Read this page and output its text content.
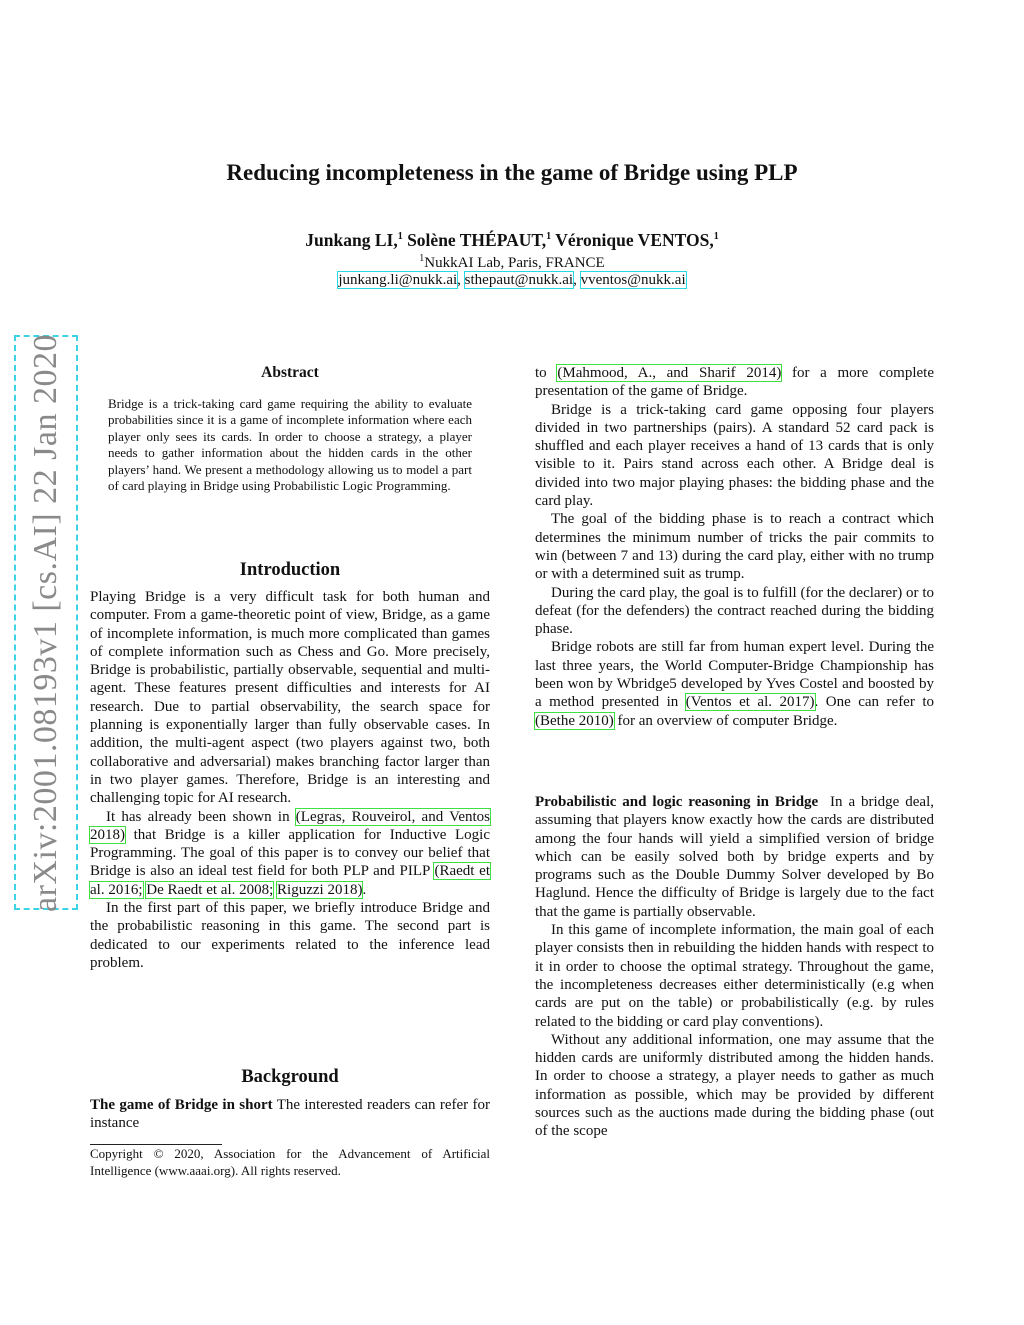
Reducing incompleteness in the game of Bridge using PLP
Junkang LI,$^1$ Solène THÉPAUT,$^1$ Véronique VENTOS,$^1$
$^1$NukkAI Lab, Paris, FRANCE
junkang.li@nukk.ai, sthepaut@nukk.ai, vventos@nukk.ai
arXiv:2001.08193v1 [cs.AI] 22 Jan 2020	Abstract
Bridge is a trick-taking card game requiring the ability to evaluate probabilities since it is a game of incomplete information where each player only sees its cards. In order to choose a strategy, a player needs to gather information about the hidden cards in the other players’ hand. We present a methodology allowing us to model a part of card playing in Bridge using Probabilistic Logic Programming.
Introduction

Playing Bridge is a very difficult task for both human and computer. From a game-theoretic point of view, Bridge, as a game of incomplete information, is much more complicated than games of complete information such as Chess and Go. More precisely, Bridge is probabilistic, partially observable, sequential and multi-agent. These features present difficulties and interests for AI research. Due to partial observability, the search space for planning is exponentially larger than fully observable cases. In addition, the multi-agent aspect (two players against two, both collaborative and adversarial) makes branching factor larger than in two player games. Therefore, Bridge is an interesting and challenging topic for AI research.

It has already been shown in (Legras, Rouveirol, and Ventos 2018) that Bridge is a killer application for Inductive Logic Programming. The goal of this paper is to convey our belief that Bridge is also an ideal test field for both PLP and PILP (Raedt et al. 2016; De Raedt et al. 2008; Riguzzi 2018).

In the first part of this paper, we briefly introduce Bridge and the probabilistic reasoning in this game. The second part is dedicated to our experiments related to the inference lead problem.

Background
The game of Bridge in short The interested readers can refer for instance
Copyright © 2020, Association for the Advancement of Artificial Intelligence (www.aaai.org). All rights reserved.

to (Mahmood, A., and Sharif 2014) for a more complete presentation of the game of Bridge.

Bridge is a trick-taking card game opposing four players divided in two partnerships (pairs). A standard 52 card pack is shuffled and each player receives a hand of 13 cards that is only visible to it. Pairs stand across each other. A Bridge deal is divided into two major playing phases: the bidding phase and the card play.

The goal of the bidding phase is to reach a contract which determines the minimum number of tricks the pair commits to win (between 7 and 13) during the card play, either with no trump or with a determined suit as trump.

During the card play, the goal is to fulfill (for the declarer) or to defeat (for the defenders) the contract reached during the bidding phase.

Bridge robots are still far from human expert level. During the last three years, the World Computer-Bridge Championship has been won by Wbridge5 developed by Yves Costel and boosted by a method presented in (Ventos et al. 2017). One can refer to (Bethe 2010) for an overview of computer Bridge.

Probabilistic and logic reasoning in Bridge In a bridge deal, assuming that players know exactly how the cards are distributed among the four hands will yield a simplified version of bridge which can be easily solved both by bridge experts and by programs such as the Double Dummy Solver developed by Bo Haglund. Hence the difficulty of Bridge is largely due to the fact that the game is partially observable.

In this game of incomplete information, the main goal of each player consists then in rebuilding the hidden hands with respect to it in order to choose the optimal strategy. Throughout the game, the incompleteness decreases either deterministically (e.g when cards are put on the table) or probabilistically (e.g. by rules related to the bidding or card play conventions).

Without any additional information, one may assume that the hidden cards are uniformly distributed among the hidden hands. In order to choose a strategy, a player needs to gather as much information as possible, which may be provided by different sources such as the auctions made during the bidding phase (out of the scope
